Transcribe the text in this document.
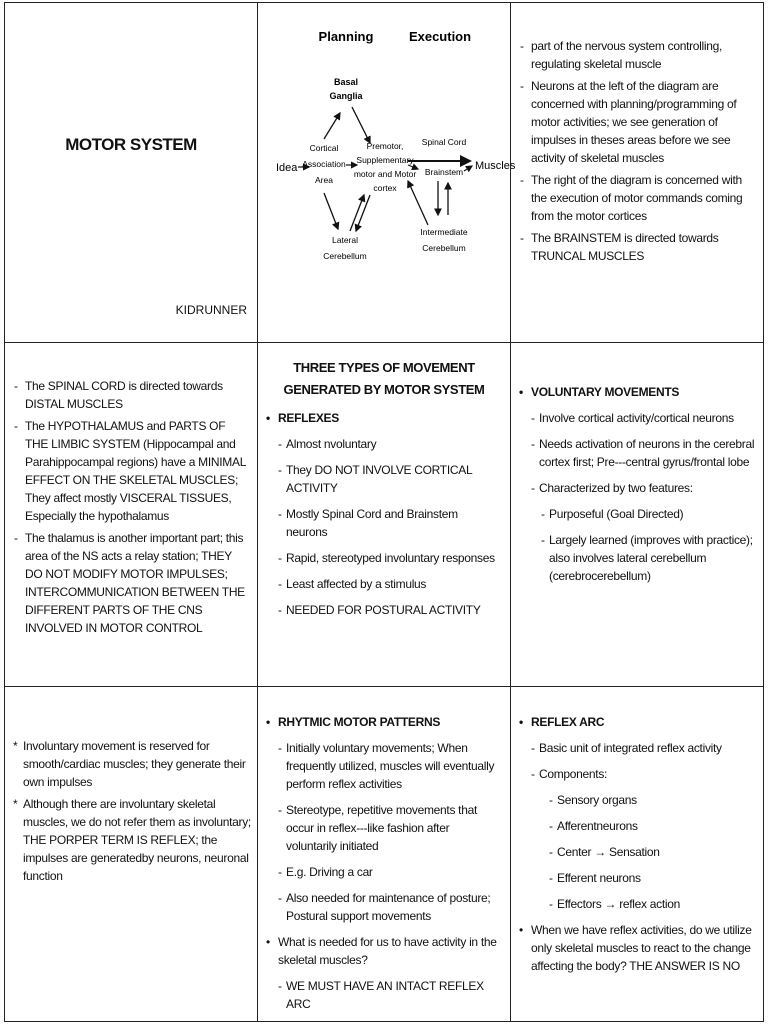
MOTOR SYSTEM
KIDRUNNER
Planning	Execution
Basal
Ganglia
Idea
Cortical
Association
Area
Premotor,
Supplementary
motor and Motor
cortex
Lateral
Cerebellum
Spinal Cord
Brainstem Muscles
Intermediate
Cerebellum
- part of the nervous system controlling, regulating skeletal muscle
- Neurons at the left of the diagram are concerned with planning/programming of motor activities; we see generation of impulses in theses areas before we see activity of skeletal muscles
- The right of the diagram is concerned with the execution of motor commands coming from the motor cortices
- The BRAINSTEM is directed towards TRUNCAL MUSCLES
- The SPINAL CORD is directed towards DISTAL MUSCLES
- The HYPOTHALAMUS and PARTS OF THE LIMBIC SYSTEM (Hippocampal and Parahippocampal regions) have a MINIMAL EFFECT ON THE SKELETAL MUSCLES; They affect mostly VISCERAL TISSUES, Especially the hypothalamus
- The thalamus is another important part; this area of the NS acts a relay station; THEY DO NOT MODIFY MOTOR IMPULSES; INTERCOMMUNICATION BETWEEN THE DIFFERENT PARTS OF THE CNS INVOLVED IN MOTOR CONTROL
THREE TYPES OF MOVEMENT GENERATED BY MOTOR SYSTEM
• REFLEXES
- Almost nvoluntary
- They DO NOT INVOLVE CORTICAL ACTIVITY
- Mostly Spinal Cord and Brainstem neurons
- Rapid, stereotyped involuntary responses
- Least affected by a stimulus
- NEEDED FOR POSTURAL ACTIVITY
• VOLUNTARY MOVEMENTS
- Involve cortical activity/cortical neurons
- Needs activation of neurons in the cerebral cortex first; Pre---central gyrus/frontal lobe
- Characterized by two features:
- Purposeful (Goal Directed)
- Largely learned (improves with practice); also involves lateral cerebellum (cerebrocerebellum)
* Involuntary movement is reserved for smooth/cardiac muscles; they generate their own impulses
* Although there are involuntary skeletal muscles, we do not refer them as involuntary; THE PORPER TERM IS REFLEX; the impulses are generatedby neurons, neuronal function
• RHYTMIC MOTOR PATTERNS
- Initially voluntary movements; When frequently utilized, muscles will eventually perform reflex activities
- Stereotype, repetitive movements that occur in reflex---like fashion after voluntarily initiated
- E.g. Driving a car
- Also needed for maintenance of posture; Postural support movements
• What is needed for us to have activity in the skeletal muscles?
- WE MUST HAVE AN INTACT REFLEX ARC
• REFLEX ARC
- Basic unit of integrated reflex activity
- Components:
- Sensory organs
- Afferentneurons
- Center → Sensation
- Efferent neurons
- Effectors → reflex action
• When we have reflex activities, do we utilize only skeletal muscles to react to the change affecting the body? THE ANSWER IS NO
